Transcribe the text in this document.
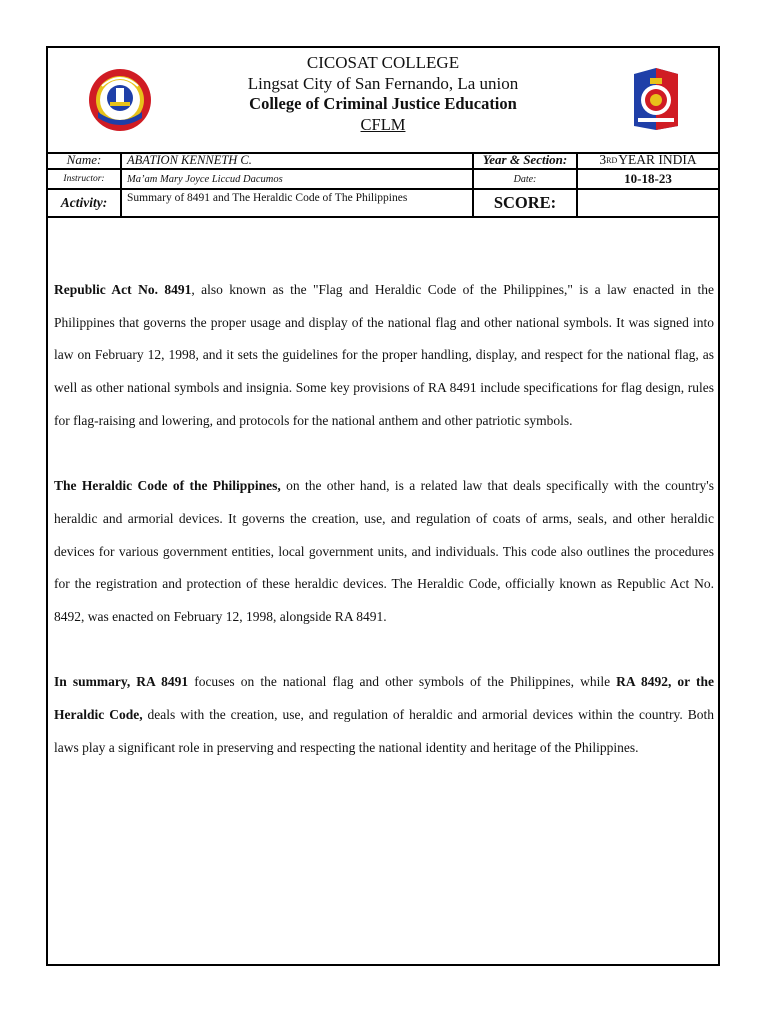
CICOSAT COLLEGE
Lingsat City of San Fernando, La union
College of Criminal Justice Education
CFLM
Name:	ABATION KENNETH C.	Year & Section:	3 RD YEAR INDIA
Instructor:	Ma’am Mary Joyce Liccud Dacumos	Date:	10-18-23
Activity:	Summary of 8491 and The Heraldic Code of The Philippines	SCORE:

Republic Act No. 8491, also known as the "Flag and Heraldic Code of the Philippines," is a law enacted in the Philippines that governs the proper usage and display of the national flag and other national symbols. It was signed into law on February 12, 1998, and it sets the guidelines for the proper handling, display, and respect for the national flag, as well as other national symbols and insignia. Some key provisions of RA 8491 include specifications for flag design, rules for flag-raising and lowering, and protocols for the national anthem and other patriotic symbols.

The Heraldic Code of the Philippines, on the other hand, is a related law that deals specifically with the country's heraldic and armorial devices. It governs the creation, use, and regulation of coats of arms, seals, and other heraldic devices for various government entities, local government units, and individuals. This code also outlines the procedures for the registration and protection of these heraldic devices. The Heraldic Code, officially known as Republic Act No. 8492, was enacted on February 12, 1998, alongside RA 8491.

In summary, RA 8491 focuses on the national flag and other symbols of the Philippines, while RA 8492, or the Heraldic Code, deals with the creation, use, and regulation of heraldic and armorial devices within the country. Both laws play a significant role in preserving and respecting the national identity and heritage of the Philippines.
